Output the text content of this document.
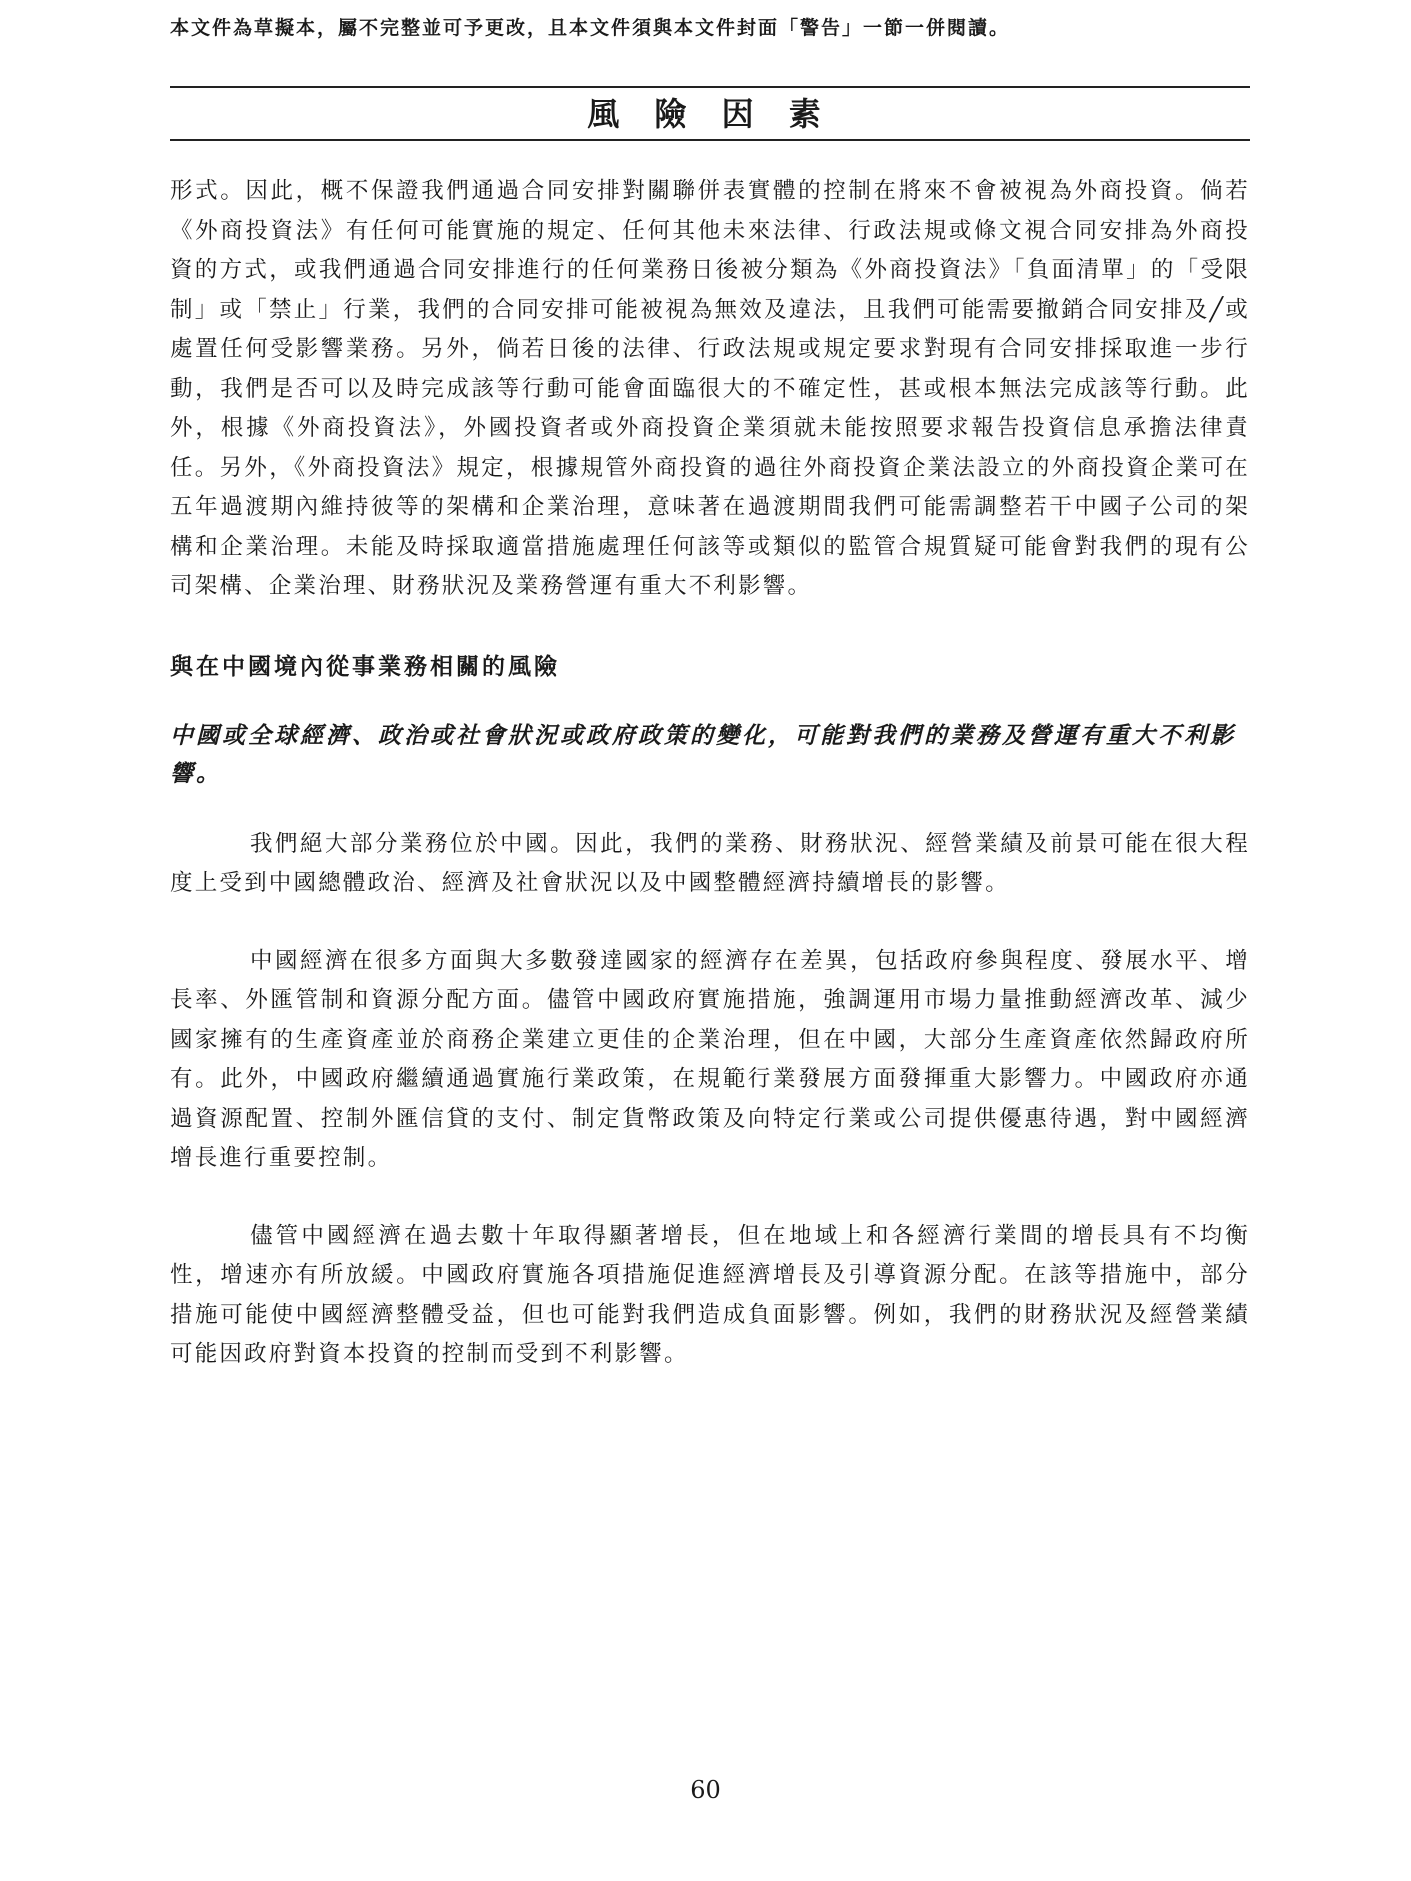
本文件為草擬本，屬不完整並可予更改，且本文件須與本文件封面「警告」一節一併閱讀。
風 險 因 素

形式。因此，概不保證我們通過合同安排對關聯併表實體的控制在將來不會被視為外商投資。倘若《外商投資法》有任何可能實施的規定、任何其他未來法律、行政法規或條文視合同安排為外商投資的方式，或我們通過合同安排進行的任何業務日後被分類為《外商投資法》「負面清單」的「受限制」或「禁止」行業，我們的合同安排可能被視為無效及違法，且我們可能需要撤銷合同安排及╱或處置任何受影響業務。另外，倘若日後的法律、行政法規或規定要求對現有合同安排採取進一步行動，我們是否可以及時完成該等行動可能會面臨很大的不確定性，甚或根本無法完成該等行動。此外，根據《外商投資法》，外國投資者或外商投資企業須就未能按照要求報告投資信息承擔法律責任。另外，《外商投資法》規定，根據規管外商投資的過往外商投資企業法設立的外商投資企業可在五年過渡期內維持彼等的架構和企業治理，意味著在過渡期間我們可能需調整若干中國子公司的架構和企業治理。未能及時採取適當措施處理任何該等或類似的監管合規質疑可能會對我們的現有公司架構、企業治理、財務狀況及業務營運有重大不利影響。

與在中國境內從事業務相關的風險
中國或全球經濟、政治或社會狀況或政府政策的變化，可能對我們的業務及營運有重大不利影響。

我們絕大部分業務位於中國。因此，我們的業務、財務狀況、經營業績及前景可能在很大程度上受到中國總體政治、經濟及社會狀況以及中國整體經濟持續增長的影響。

中國經濟在很多方面與大多數發達國家的經濟存在差異，包括政府參與程度、發展水平、增長率、外匯管制和資源分配方面。儘管中國政府實施措施，強調運用市場力量推動經濟改革、減少國家擁有的生產資產並於商務企業建立更佳的企業治理，但在中國，大部分生產資產依然歸政府所有。此外，中國政府繼續通過實施行業政策，在規範行業發展方面發揮重大影響力。中國政府亦通過資源配置、控制外匯信貸的支付、制定貨幣政策及向特定行業或公司提供優惠待遇，對中國經濟增長進行重要控制。

儘管中國經濟在過去數十年取得顯著增長，但在地域上和各經濟行業間的增長具有不均衡性，增速亦有所放緩。中國政府實施各項措施促進經濟增長及引導資源分配。在該等措施中，部分措施可能使中國經濟整體受益，但也可能對我們造成負面影響。例如，我們的財務狀況及經營業績可能因政府對資本投資的控制而受到不利影響。

60
